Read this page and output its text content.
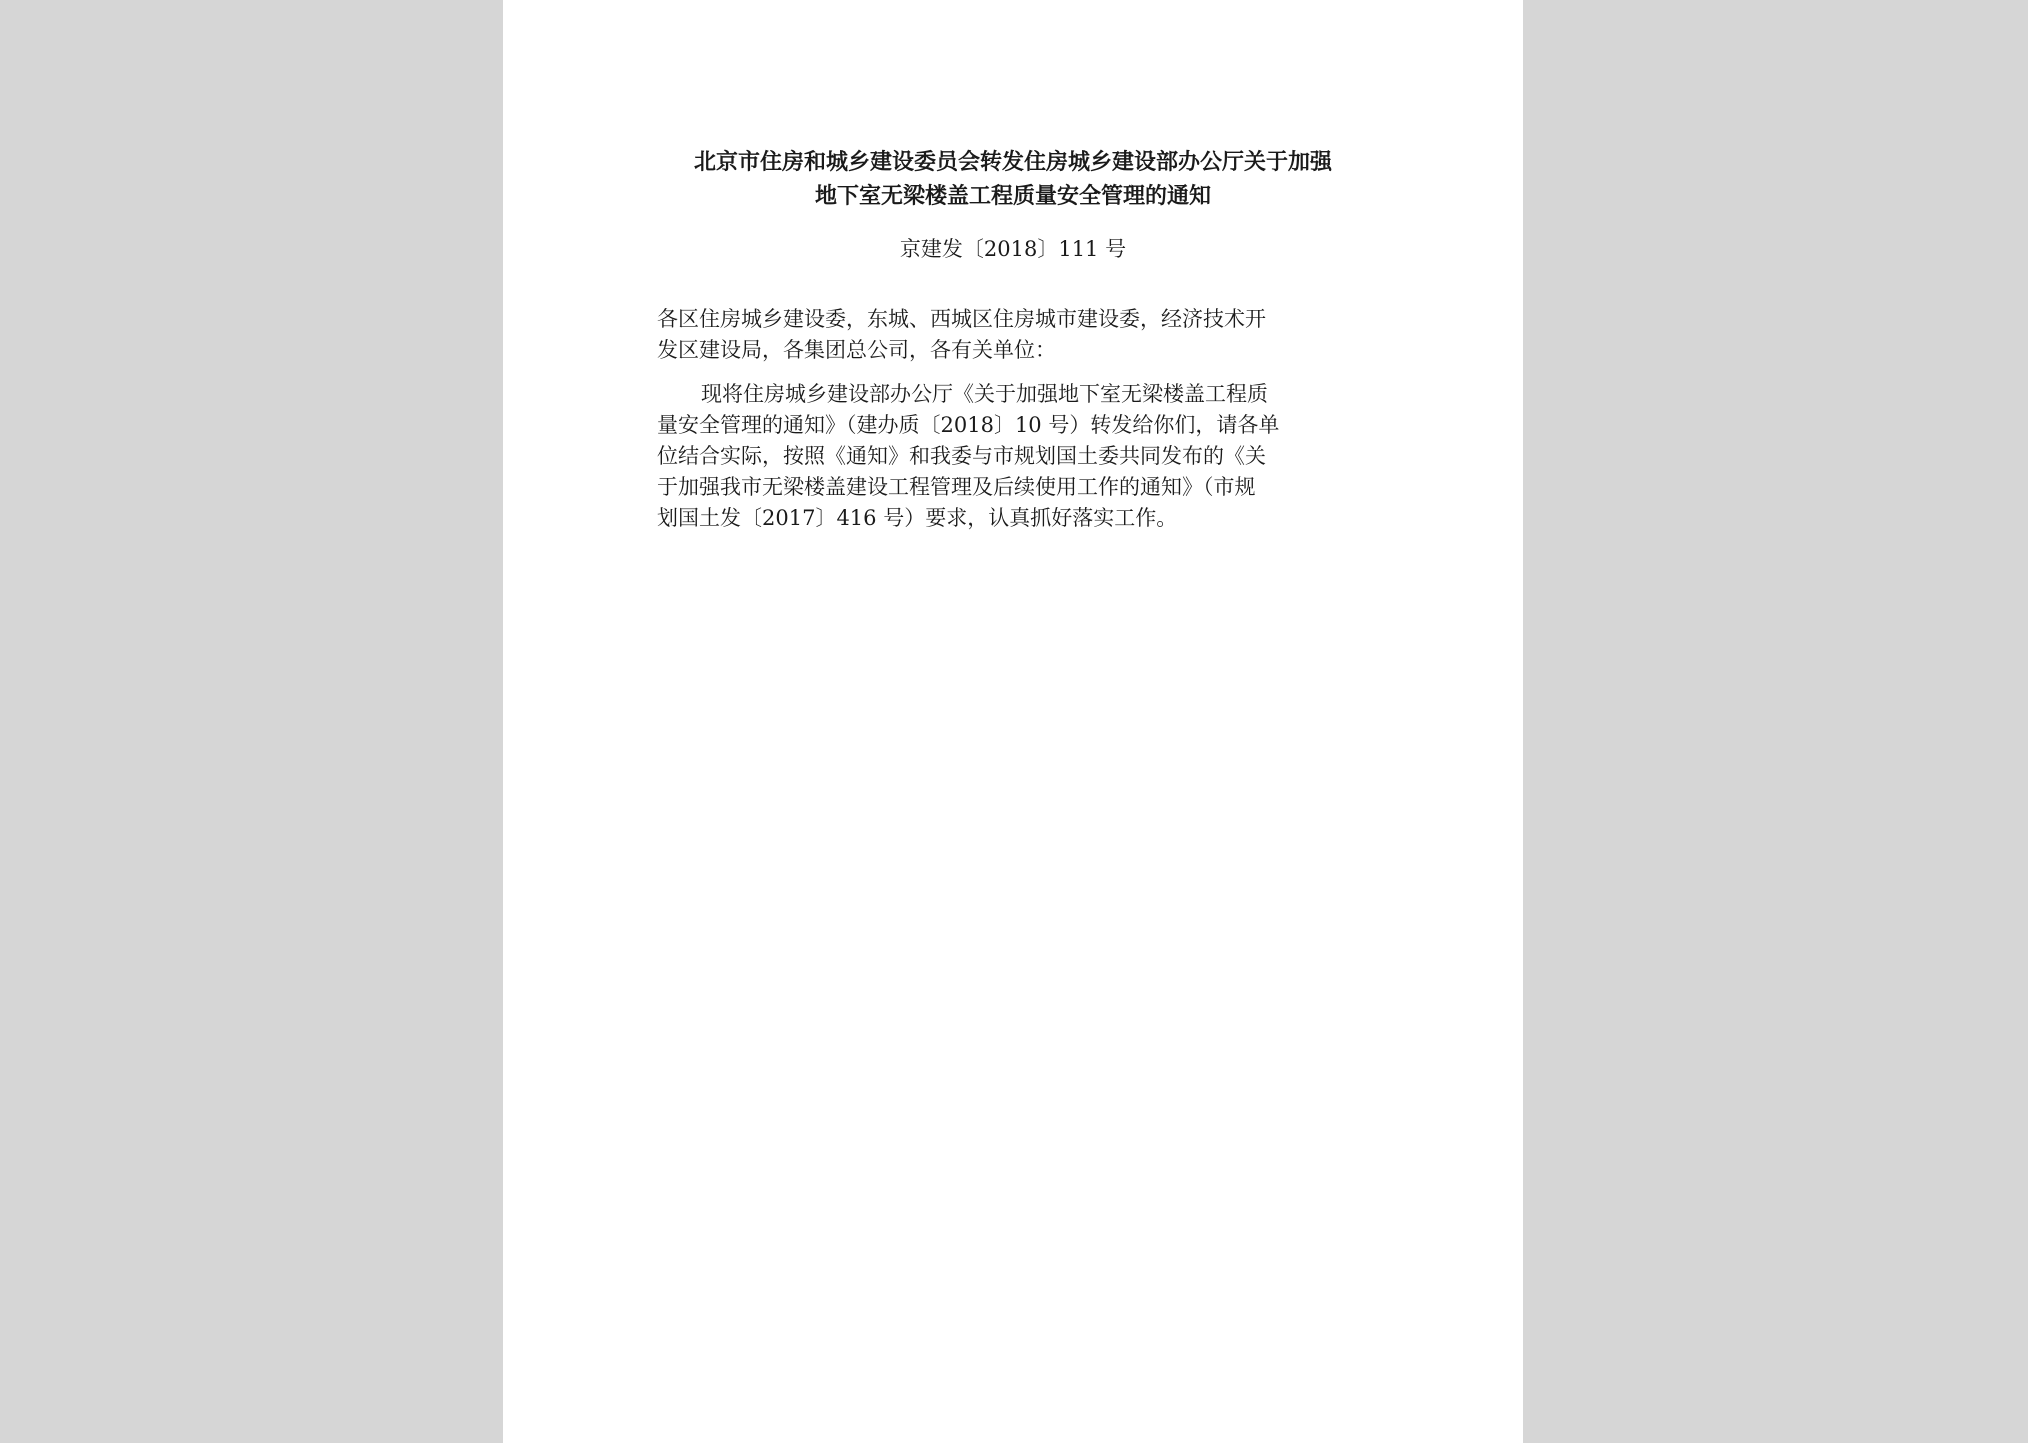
北京市住房和城乡建设委员会转发住房城乡建设部办公厅关于加强
地下室无梁楼盖工程质量安全管理的通知
京建发〔2018〕111 号
各区住房城乡建设委，东城、西城区住房城市建设委，经济技术开
发区建设局，各集团总公司，各有关单位：
现将住房城乡建设部办公厅《关于加强地下室无梁楼盖工程质
量安全管理的通知》（建办质〔2018〕10 号）转发给你们，请各单
位结合实际，按照《通知》和我委与市规划国土委共同发布的《关
于加强我市无梁楼盖建设工程管理及后续使用工作的通知》（市规
划国土发〔2017〕416 号）要求，认真抓好落实工作。
